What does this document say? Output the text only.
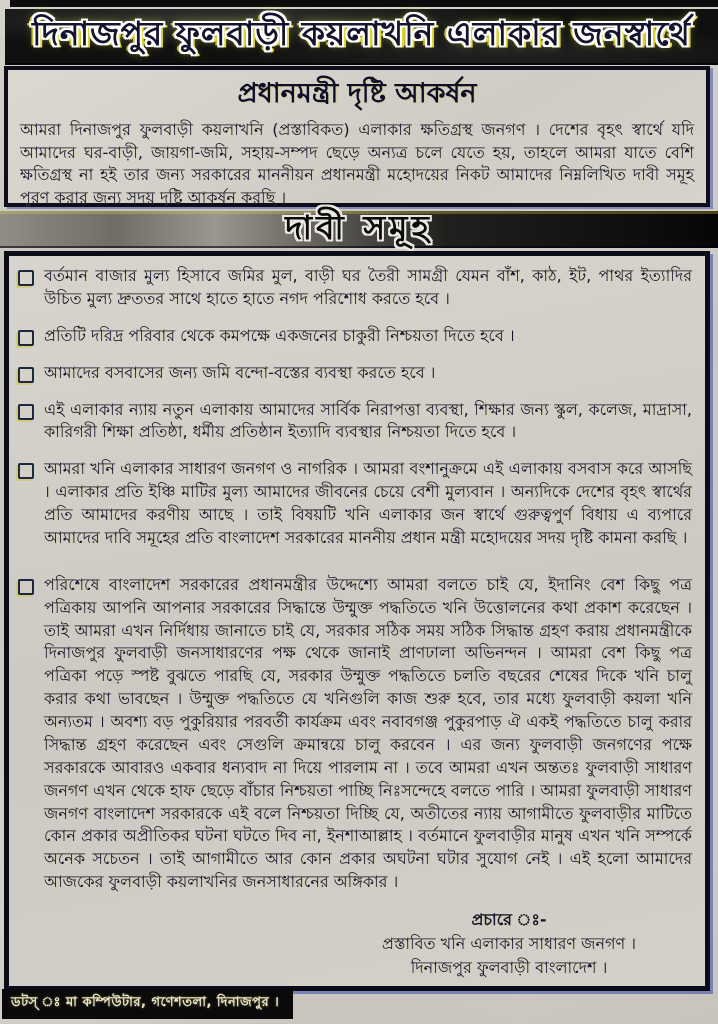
দিনাজপুর ফুলবাড়ী কয়লাখনি এলাকার জনস্বার্থে
প্রধানমন্ত্রী দৃষ্টি আকর্ষন

আমরা দিনাজপুর ফুলবাড়ী কয়লাখনি (প্রস্তাবিকত) এলাকার ক্ষতিগ্রস্থ জনগণ । দেশের বৃহৎ স্বার্থে যদি আমাদের ঘর-বাড়ী, জায়গা-জমি, সহায়-সম্পদ ছেড়ে অন্যত্র চলে যেতে হয়, তাহলে আমরা যাতে বেশি ক্ষতিগ্রস্থ না হই তার জন্য সরকারের মাননীয়ন প্রধানমন্ত্রী মহোদয়ের নিকট আমাদের নিম্নলিখিত দাবী সমূহ পুরণ করার জন্য সদয় দৃষ্টি আকর্ষন করছি ।

দাবী সমূহ
বর্তমান বাজার মুল্য হিসাবে জমির মুল, বাড়ী ঘর তৈরী সামগ্রী যেমন বাঁশ, কাঠ, ইট, পাথর ইত্যাদির উচিত মুল্য দ্রুততর সাথে হাতে হাতে নগদ পরিশোধ করতে হবে ।
প্রতিটি দরিদ্র পরিবার থেকে কমপক্ষে একজনের চাকুরী নিশ্চয়তা দিতে হবে ।
আমাদের বসবাসের জন্য জমি বন্দো-বস্তের ব্যবস্থা করতে হবে ।
এই এলাকার ন্যায় নতুন এলাকায় আমাদের সার্বিক নিরাপত্তা ব্যবস্থা, শিক্ষার জন্য স্কুল, কলেজ, মাদ্রাসা, কারিগরী শিক্ষা প্রতিষ্ঠা, ধর্মীয় প্রতিষ্ঠান ইত্যাদি ব্যবস্থার নিশ্চয়তা দিতে হবে ।
আমরা খনি এলাকার সাধারণ জনগণ ও নাগরিক । আমরা বংশানুক্রমে এই এলাকায় বসবাস করে আসছি । এলাকার প্রতি ইঞ্চি মাটির মুল্য আমাদের জীবনের চেয়ে বেশী মুল্যবান । অন্যদিকে দেশের বৃহৎ স্বার্থের প্রতি আমাদের করণীয় আছে । তাই বিষয়টি খনি এলাকার জন স্বার্থে গুরুত্বপুর্ণ বিধায় এ ব্যপারে আমাদের দাবি সমূহের প্রতি বাংলাদেশ সরকারের মাননীয় প্রধান মন্ত্রী মহোদয়ের সদয় দৃষ্টি কামনা করছি ।
পরিশেষে বাংলাদেশ সরকারের প্রধানমন্ত্রীর উদ্দেশ্যে আমরা বলতে চাই যে, ইদানিং বেশ কিছু পত্র পত্রিকায় আপনি আপনার সরকারের সিদ্ধান্তে উম্মুক্ত পদ্ধতিতে খনি উত্তোলনের কথা প্রকাশ করেছেন । তাই আমরা এখন নির্দিধায় জানাতে চাই যে, সরকার সঠিক সময় সঠিক সিদ্ধান্ত গ্রহণ করায় প্রধানমন্ত্রীকে দিনাজপুর ফুলবাড়ী জনসাধারণের পক্ষ থেকে জানাই প্রাণঢালা অভিনন্দন । আমরা বেশ কিছু পত্র পত্রিকা পড়ে স্পষ্ট বুঝতে পারছি যে, সরকার উম্মুক্ত পদ্ধতিতে চলতি বছরের শেষের দিকে খনি চালু করার কথা ভাবছেন । উম্মুক্ত পদ্ধতিতে যে খনিগুলি কাজ শুরু হবে, তার মধ্যে ফুলবাড়ী কয়লা খনি অন্যতম । অবশ্য বড় পুকুরিয়ার পরবর্তী কার্যক্রম এবং নবাবগঞ্জ পুকুরপাড় ঐ একই পদ্ধতিতে চালু করার সিদ্ধান্ত গ্রহণ করেছেন এবং সেগুলি ক্রমান্বয়ে চালু করবেন । এর জন্য ফুলবাড়ী জনগণের পক্ষে সরকারকে আবারও একবার ধন্যবাদ না দিয়ে পারলাম না । তবে আমরা এখন অন্ততঃ ফুলবাড়ী সাধারণ জনগণ এখন থেকে হাফ ছেড়ে বাঁচার নিশ্চয়তা পাচ্ছি নিঃসন্দেহে বলতে পারি । আমরা ফুলবাড়ী সাধারণ জনগণ বাংলাদেশ সরকারকে এই বলে নিশ্চয়তা দিচ্ছি যে, অতীতের ন্যায় আগামীতে ফুলবাড়ীর মাটিতে কোন প্রকার অপ্রীতিকর ঘটনা ঘটতে দিব না, ইনশাআল্লাহ । বর্তমানে ফুলবাড়ীর মানুষ এখন খনি সম্পর্কে অনেক সচেতন । তাই আগামীতে আর কোন প্রকার অঘটনা ঘটার সুযোগ নেই । এই হলো আমাদের আজকের ফুলবাড়ী কয়লাখনির জনসাধারনের অঙ্গিকার ।
প্রচারে ঃ-
প্রস্তাবিত খনি এলাকার সাধারণ জনগণ ।
দিনাজপুর ফুলবাড়ী বাংলাদেশ ।
ডটস্ ঃ মা কম্পিউটার, গণেশতলা, দিনাজপুর ।
